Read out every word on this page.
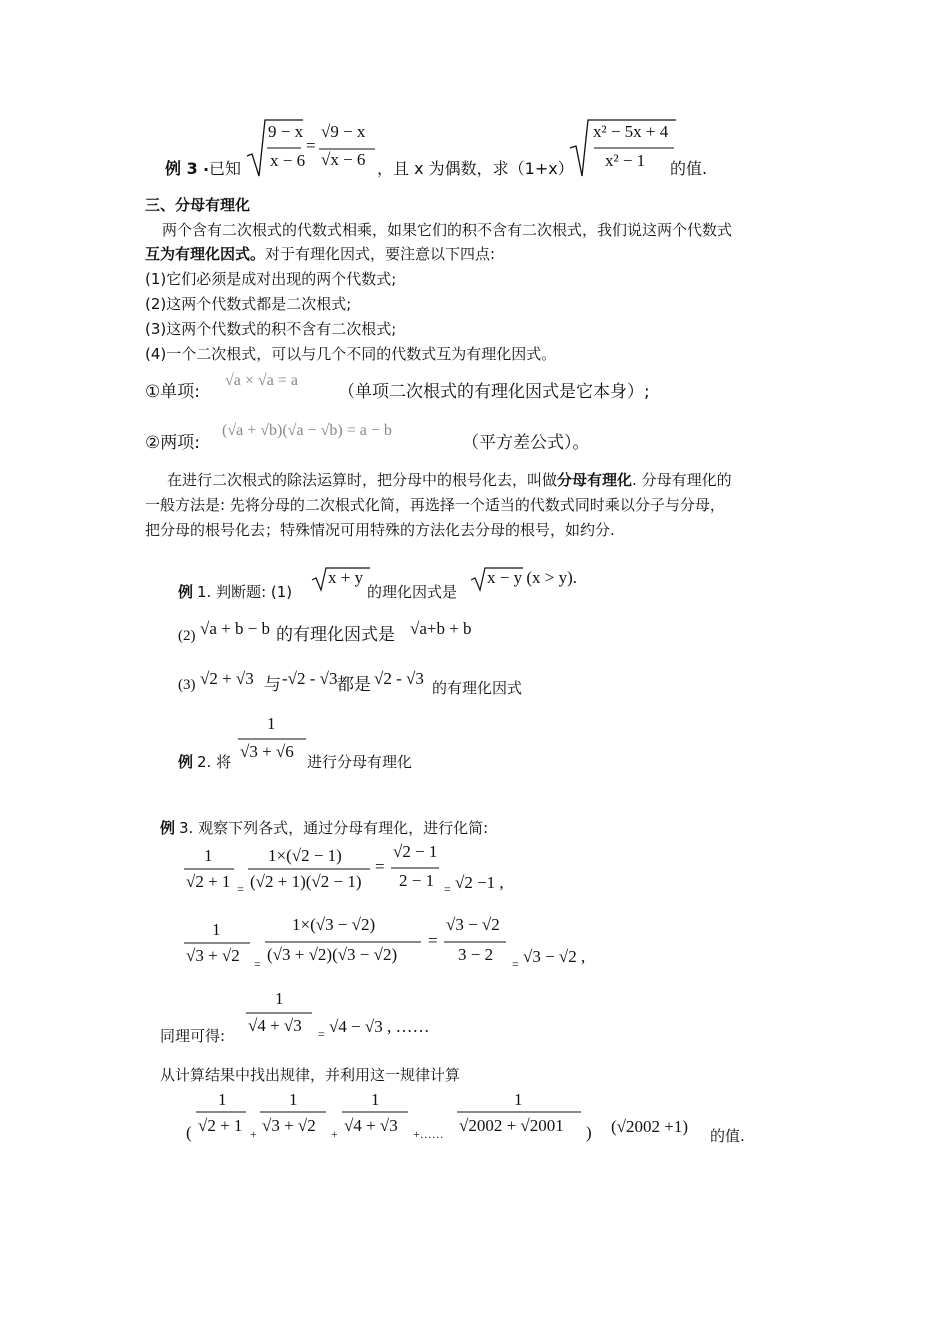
例 3 . 已知
9 − x
x − 6
=
√9 − x
√x − 6 ，且 x 为偶数，求（1+x）
x² − 5x + 4
x² − 1 的值.
三、分母有理化
两个含有二次根式的代数式相乘，如果它们的积不含有二次根式，我们说这两个代数式
互为有理化因式。对于有理化因式，要注意以下四点:
(1)它们必须是成对出现的两个代数式;
(2)这两个代数式都是二次根式;
(3)这两个代数式的积不含有二次根式;
(4)一个二次根式，可以与几个不同的代数式互为有理化因式。
①单项:
√a × √a = a
（单项二次根式的有理化因式是它本身）;
②两项:
(√a + √b)(√a − √b) = a − b
（平方差公式）。
在进行二次根式的除法运算时，把分母中的根号化去，叫做分母有理化. 分母有理化的
一般方法是: 先将分母的二次根式化简，再选择一个适当的代数式同时乘以分子与分母，
把分母的根号化去；特殊情况可用特殊的方法化去分母的根号，如约分.
例 1. 判断题: (1)
x + y
的理化因式是
x − y (x > y).
(2) √a + b − b 的有理化因式是 √a+b + b
(3) √2 + √3 与 -√2 - √3 都是 √2 - √3 的有理化因式
例 2. 将
1
√3 + √6
进行分母有理化
例 3. 观察下列各式，通过分母有理化，进行化简:
1
√2 + 1 =
1×(√2 − 1)
(√2 + 1)(√2 − 1)
=
√2 − 1
2 − 1 = √2 −1 ,
1
√3 + √2 =
1×(√3 − √2)
(√3 + √2)(√3 − √2)
=
√3 − √2
3 − 2 = √3 − √2 ,
1
同理可得:
√4 + √3 = √4 − √3 , ……
从计算结果中找出规律，并利用这一规律计算
(
1
√2 + 1 +
1
√3 + √2 +
1
√4 + √3 +……
1
√2002 + √2001 ) (√2002 +1) 的值.
